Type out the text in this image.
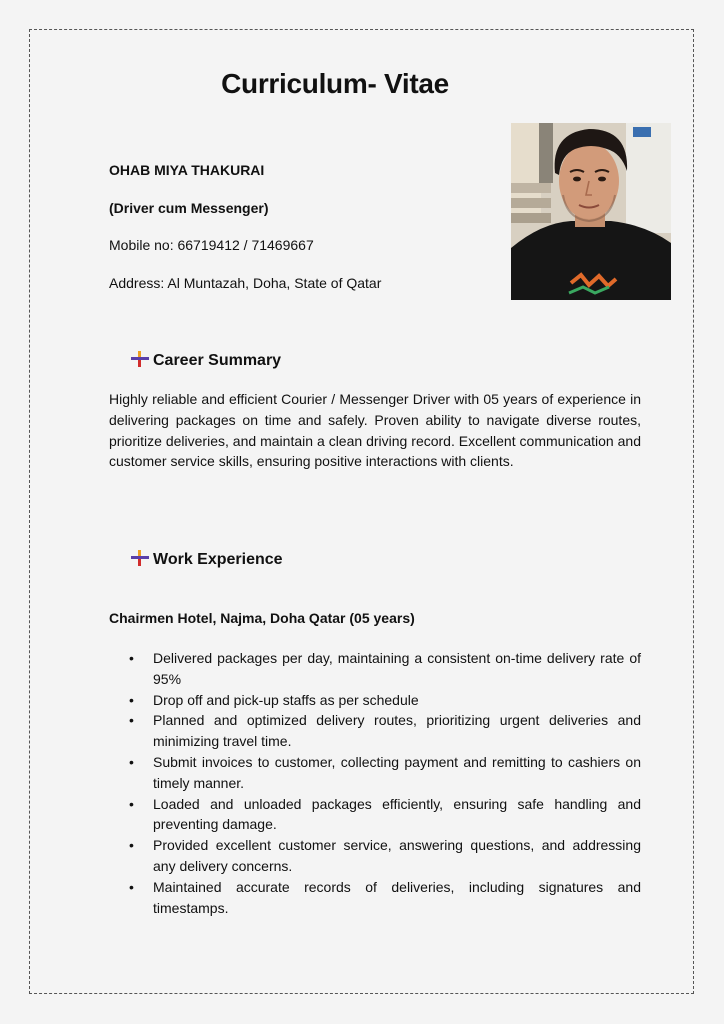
Curriculum- Vitae
OHAB MIYA THAKURAI
(Driver cum Messenger)
Mobile no: 66719412 / 71469667
Address: Al Muntazah, Doha, State of Qatar
Career Summary

Highly reliable and efficient Courier / Messenger Driver with 05 years of experience in delivering packages on time and safely. Proven ability to navigate diverse routes, prioritize deliveries, and maintain a clean driving record. Excellent communication and customer service skills, ensuring positive interactions with clients.

Work Experience
Chairmen Hotel, Najma, Doha Qatar (05 years)
• Delivered packages per day, maintaining a consistent on-time delivery rate of 95%
• Drop off and pick-up staffs as per schedule
• Planned and optimized delivery routes, prioritizing urgent deliveries and minimizing travel time.
• Submit invoices to customer, collecting payment and remitting to cashiers on timely manner.
• Loaded and unloaded packages efficiently, ensuring safe handling and preventing damage.
• Provided excellent customer service, answering questions, and addressing any delivery concerns.
• Maintained accurate records of deliveries, including signatures and timestamps.
